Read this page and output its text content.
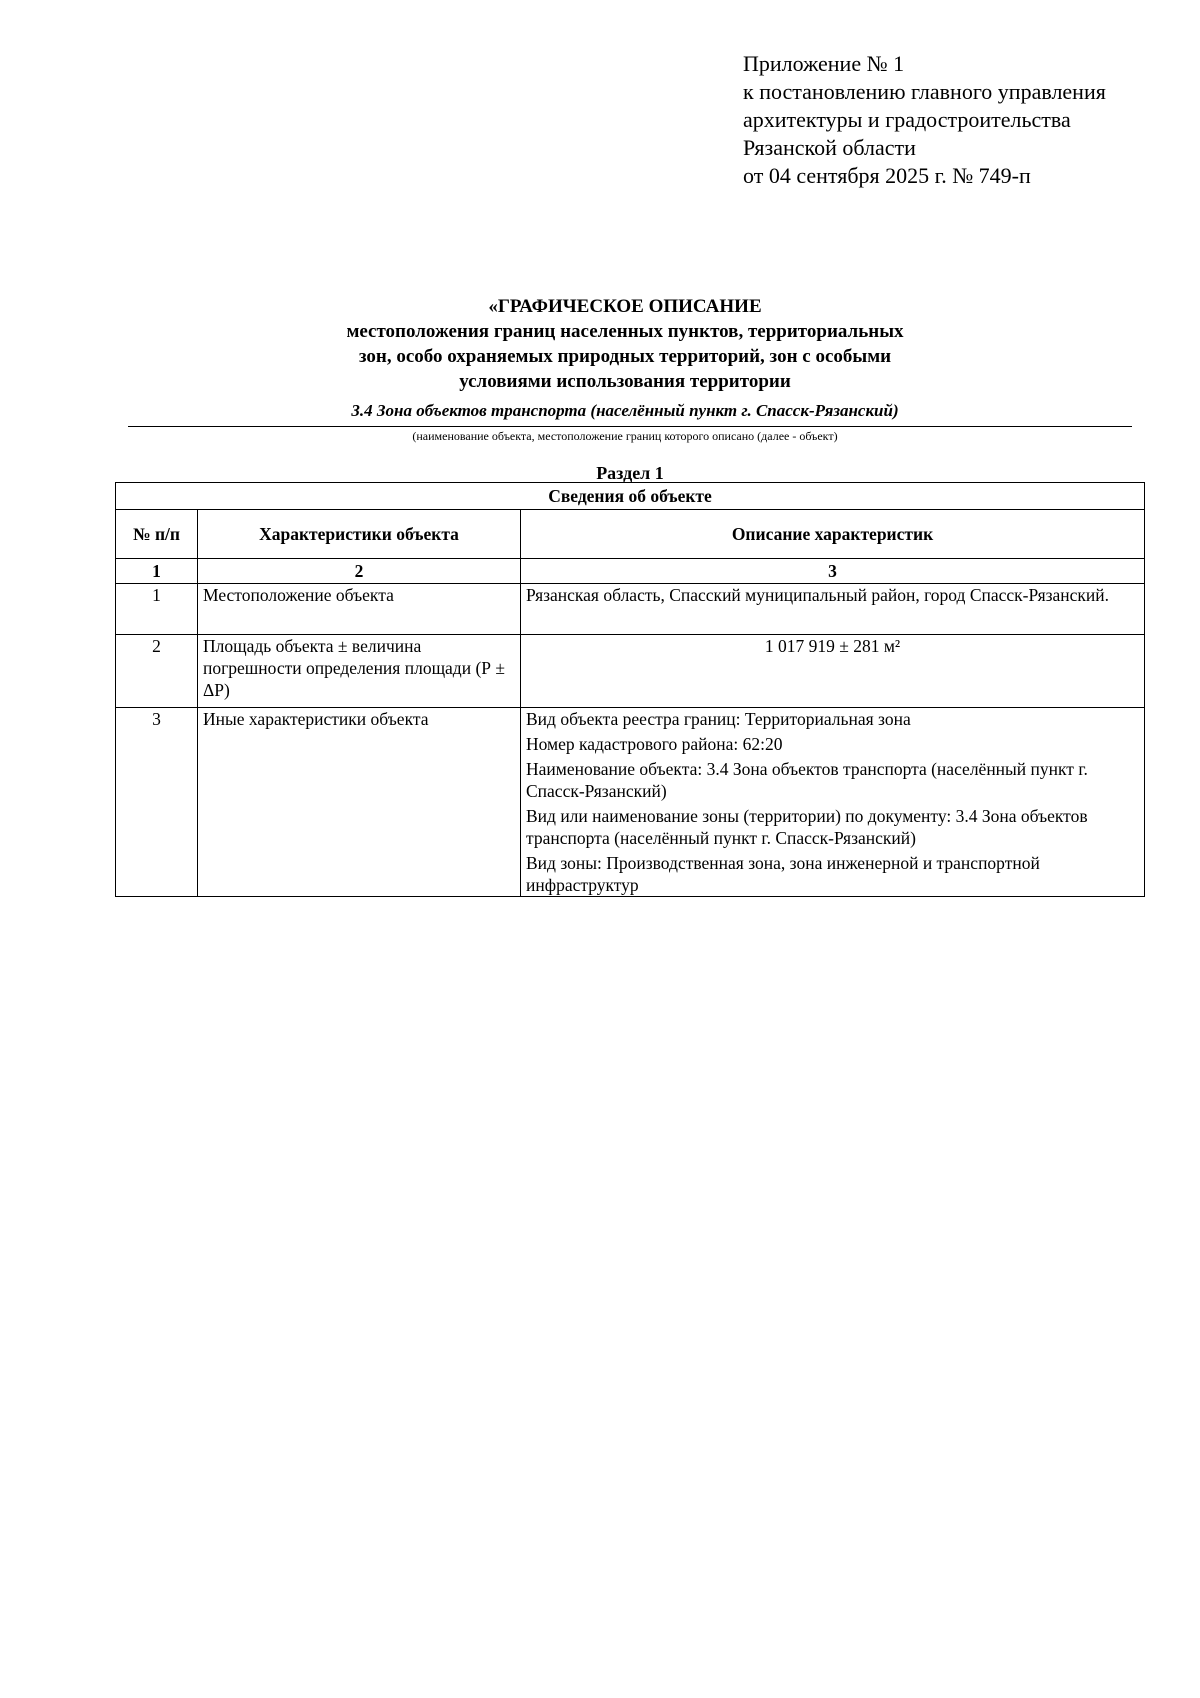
Приложение № 1
к постановлению главного управления
архитектуры и градостроительства
Рязанской области
от 04 сентября 2025 г. № 749-п
«ГРАФИЧЕСКОЕ ОПИСАНИЕ
местоположения границ населенных пунктов, территориальных
зон, особо охраняемых природных территорий, зон с особыми
условиями использования территории
3.4 Зона объектов транспорта (населённый пункт г. Спасск-Рязанский)
(наименование объекта, местоположение границ которого описано (далее - объект)
Раздел 1
Сведения об объекте		
№ п/п	Характеристики объекта	Описание характеристик
1	2	3
1	Местоположение объекта	Рязанская область, Спасский муниципальный район, город Спасск-Рязанский.
2	Площадь объекта ± величина погрешности определения площади (Р ± ΔР)	1 017 919 ± 281 м²
3	Иные характеристики объекта	Вид объекта реестра границ: Территориальная зона
Номер кадастрового района: 62:20
Наименование объекта: 3.4 Зона объектов транспорта (населённый пункт г. Спасск-Рязанский)
Вид или наименование зоны (территории) по документу: 3.4 Зона объектов транспорта (населённый пункт г. Спасск-Рязанский)
Вид зоны: Производственная зона, зона инженерной и транспортной инфраструктур
